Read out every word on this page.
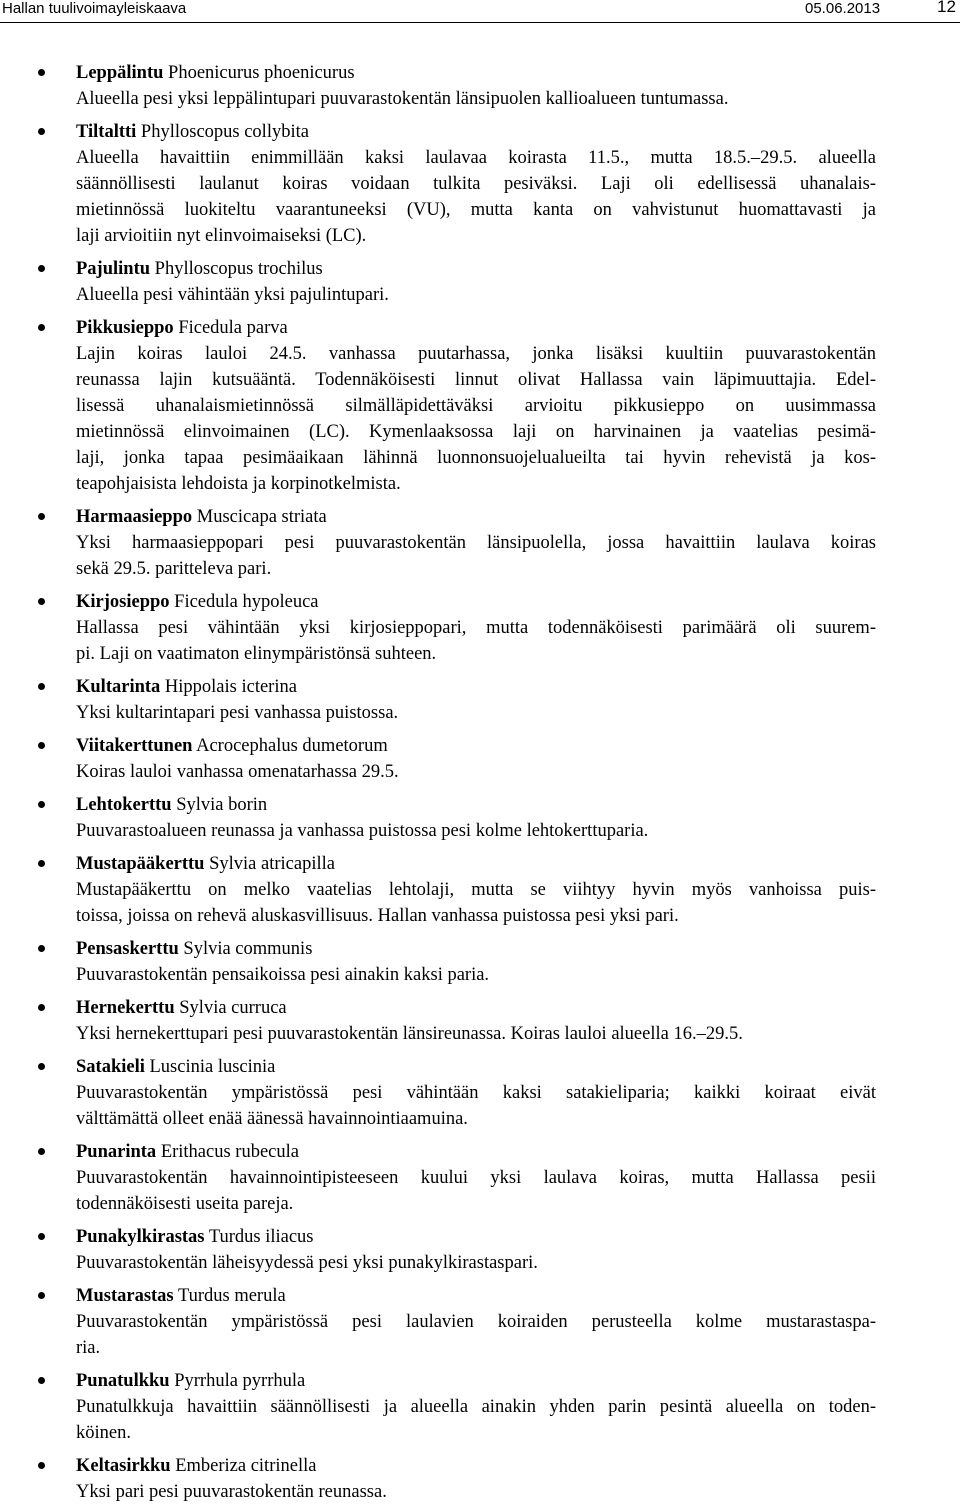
Hallan tuulivoimayleiskaava	05.06.2013	12
Leppälintu Phoenicurus phoenicurus
Alueella pesi yksi leppälintupari puuvarastokentän länsipuolen kallioalueen tuntumassa.
Tiltaltti Phylloscopus collybita
Alueella havaittiin enimmillään kaksi laulavaa koirasta 11.5., mutta 18.5.–29.5. alueella
säännöllisesti laulanut koiras voidaan tulkita pesiväksi. Laji oli edellisessä uhanalais-
mietinnössä luokiteltu vaarantuneeksi (VU), mutta kanta on vahvistunut huomattavasti ja
laji arvioitiin nyt elinvoimaiseksi (LC).
Pajulintu Phylloscopus trochilus
Alueella pesi vähintään yksi pajulintupari.
Pikkusieppo Ficedula parva
Lajin koiras lauloi 24.5. vanhassa puutarhassa, jonka lisäksi kuultiin puuvarastokentän
reunassa lajin kutsuääntä. Todennäköisesti linnut olivat Hallassa vain läpimuuttajia. Edel-
lisessä uhanalaismietinnössä silmälläpidettäväksi arvioitu pikkusieppo on uusimmassa
mietinnössä elinvoimainen (LC). Kymenlaaksossa laji on harvinainen ja vaatelias pesimä-
laji, jonka tapaa pesimäaikaan lähinnä luonnonsuojelualueilta tai hyvin rehevistä ja kos-
teapohjaisista lehdoista ja korpinotkelmista.
Harmaasieppo Muscicapa striata
Yksi harmaasieppopari pesi puuvarastokentän länsipuolella, jossa havaittiin laulava koiras
sekä 29.5. paritteleva pari.
Kirjosieppo Ficedula hypoleuca
Hallassa pesi vähintään yksi kirjosieppopari, mutta todennäköisesti parimäärä oli suurem-
pi. Laji on vaatimaton elinympäristönsä suhteen.
Kultarinta Hippolais icterina
Yksi kultarintapari pesi vanhassa puistossa.
Viitakerttunen Acrocephalus dumetorum
Koiras lauloi vanhassa omenatarhassa 29.5.
Lehtokerttu Sylvia borin
Puuvarastoalueen reunassa ja vanhassa puistossa pesi kolme lehtokerttuparia.
Mustapääkerttu Sylvia atricapilla
Mustapääkerttu on melko vaatelias lehtolaji, mutta se viihtyy hyvin myös vanhoissa puis-
toissa, joissa on rehevä aluskasvillisuus. Hallan vanhassa puistossa pesi yksi pari.
Pensaskerttu Sylvia communis
Puuvarastokentän pensaikoissa pesi ainakin kaksi paria.
Hernekerttu Sylvia curruca
Yksi hernekerttupari pesi puuvarastokentän länsireunassa. Koiras lauloi alueella 16.–29.5.
Satakieli Luscinia luscinia
Puuvarastokentän ympäristössä pesi vähintään kaksi satakieliparia; kaikki koiraat eivät
välttämättä olleet enää äänessä havainnointiaamuina.
Punarinta Erithacus rubecula
Puuvarastokentän havainnointipisteeseen kuului yksi laulava koiras, mutta Hallassa pesii
todennäköisesti useita pareja.
Punakylkirastas Turdus iliacus
Puuvarastokentän läheisyydessä pesi yksi punakylkirastaspari.
Mustarastas Turdus merula
Puuvarastokentän ympäristössä pesi laulavien koiraiden perusteella kolme mustarastaspa-
ria.
Punatulkku Pyrrhula pyrrhula
Punatulkkuja havaittiin säännöllisesti ja alueella ainakin yhden parin pesintä alueella on toden-
köinen.
Keltasirkku Emberiza citrinella
Yksi pari pesi puuvarastokentän reunassa.
